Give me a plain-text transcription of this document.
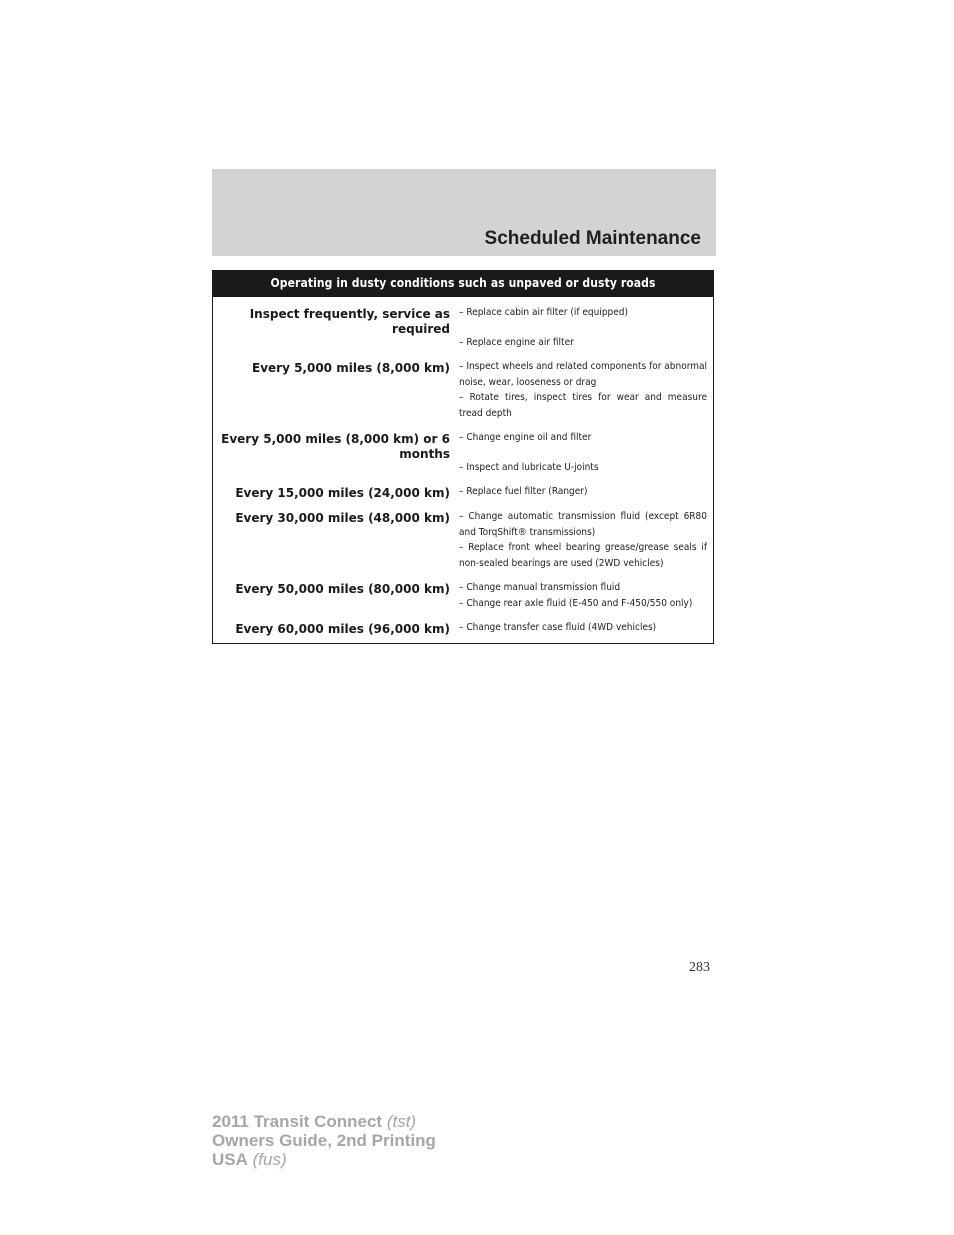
Scheduled Maintenance
Operating in dusty conditions such as unpaved or dusty roads
Inspect frequently, service as required
– Replace cabin air filter (if equipped)
– Replace engine air filter
Every 5,000 miles (8,000 km) – Inspect wheels and related components for abnormal noise, wear, looseness or drag
– Rotate tires, inspect tires for wear and measure tread depth
Every 5,000 miles (8,000 km) or 6 months
– Change engine oil and filter
– Inspect and lubricate U-joints
Every 15,000 miles (24,000 km) – Replace fuel filter (Ranger)
Every 30,000 miles (48,000 km) – Change automatic transmission fluid (except 6R80 and TorqShift® transmissions)
– Replace front wheel bearing grease/grease seals if non-sealed bearings are used (2WD vehicles)
Every 50,000 miles (80,000 km) – Change manual transmission fluid
– Change rear axle fluid (E-450 and F-450/550 only)
Every 60,000 miles (96,000 km) – Change transfer case fluid (4WD vehicles)
283
2011 Transit Connect (tst)
Owners Guide, 2nd Printing
USA (fus)
